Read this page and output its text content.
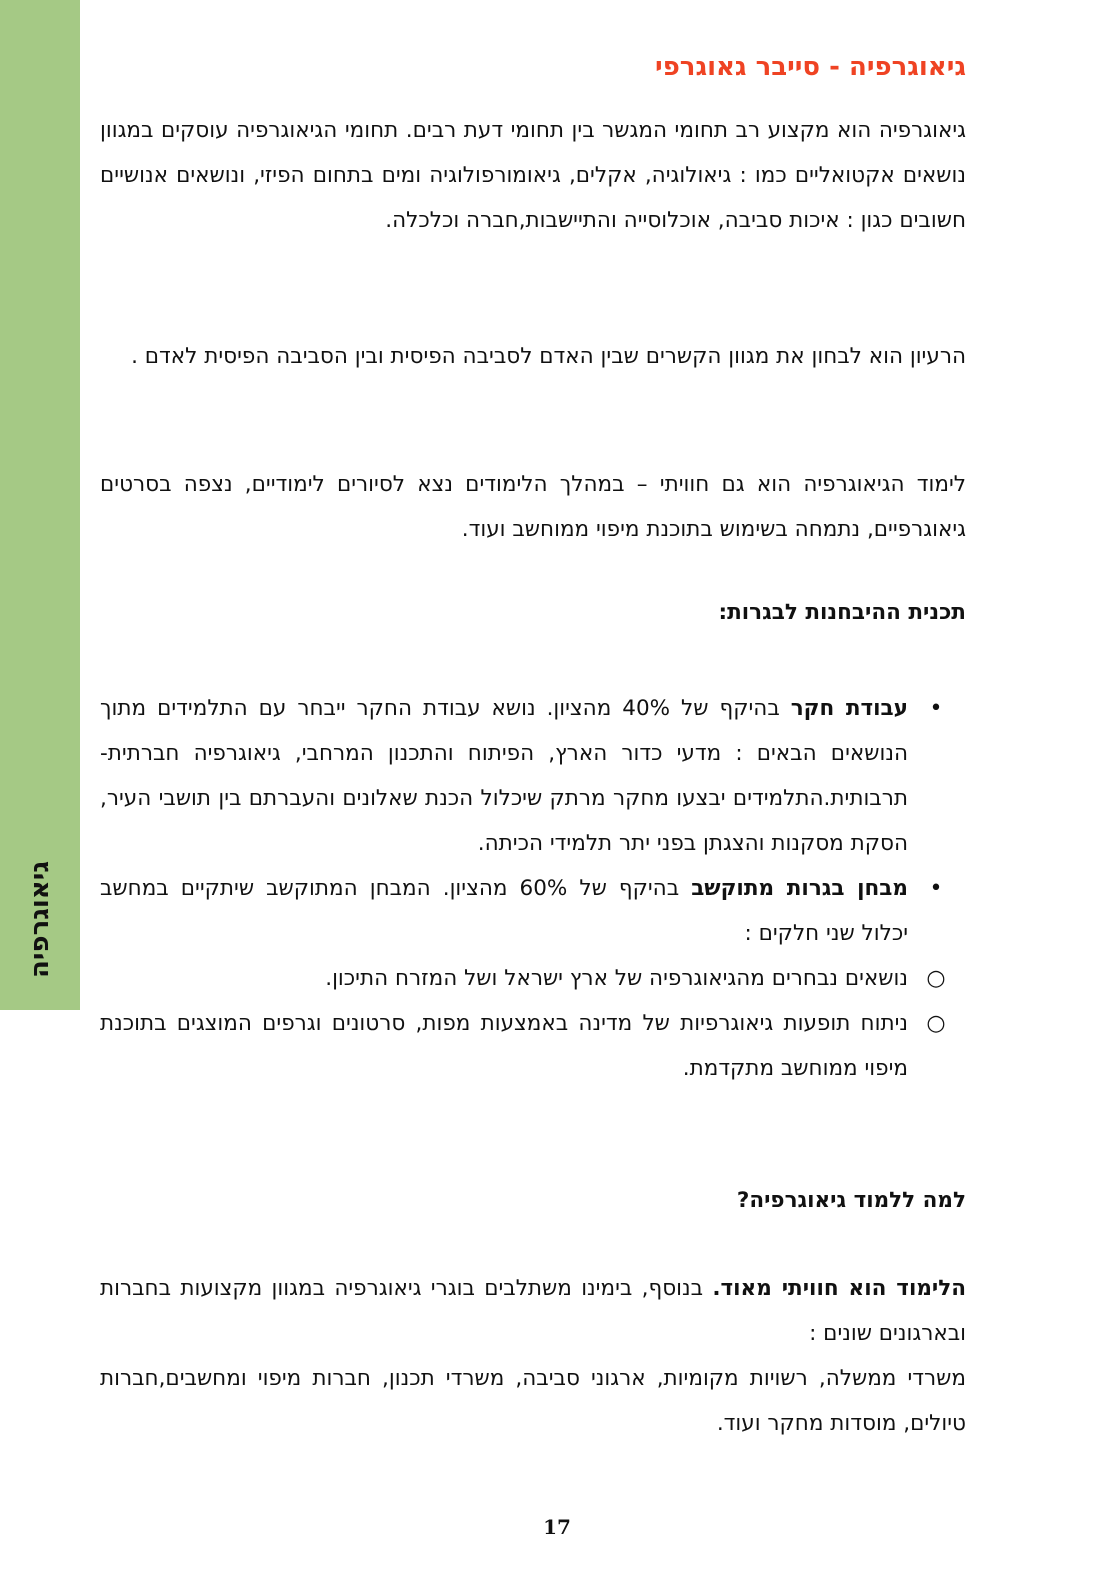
גיאוגרפיה
גיאוגרפיה - סייבר גאוגרפי

גיאוגרפיה הוא מקצוע רב תחומי המגשר בין תחומי דעת רבים. תחומי הגיאוגרפיה עוסקים במגוון נושאים אקטואליים כמו : גיאולוגיה, אקלים, גיאומורפולוגיה ומים בתחום הפיזי, ונושאים אנושיים חשובים כגון : איכות סביבה, אוכלוסייה והתיישבות,חברה וכלכלה.

הרעיון הוא לבחון את מגוון הקשרים שבין האדם לסביבה הפיסית ובין הסביבה הפיסית לאדם .

לימוד הגיאוגרפיה הוא גם חוויתי – במהלך הלימודים נצא לסיורים לימודיים, נצפה בסרטים גיאוגרפיים, נתמחה בשימוש בתוכנת מיפוי ממוחשב ועוד.

תכנית ההיבחנות לבגרות:
•
עבודת חקר בהיקף של 40% מהציון. נושא עבודת החקר ייבחר עם התלמידים מתוך הנושאים הבאים : מדעי כדור הארץ, הפיתוח והתכנון המרחבי, גיאוגרפיה חברתית- תרבותית.התלמידים יבצעו מחקר מרתק שיכלול הכנת שאלונים והעברתם בין תושבי העיר, הסקת מסקנות והצגתן בפני יתר תלמידי הכיתה.
•
מבחן בגרות מתוקשב בהיקף של 60% מהציון. המבחן המתוקשב שיתקיים במחשב יכלול שני חלקים :
○
נושאים נבחרים מהגיאוגרפיה של ארץ ישראל ושל המזרח התיכון.
○
ניתוח תופעות גיאוגרפיות של מדינה באמצעות מפות, סרטונים וגרפים המוצגים בתוכנת מיפוי ממוחשב מתקדמת.
למה ללמוד גיאוגרפיה?

הלימוד הוא חוויתי מאוד. בנוסף, בימינו משתלבים בוגרי גיאוגרפיה במגוון מקצועות בחברות ובארגונים שונים :

משרדי ממשלה, רשויות מקומיות, ארגוני סביבה, משרדי תכנון, חברות מיפוי ומחשבים,חברות טיולים, מוסדות מחקר ועוד.

17
